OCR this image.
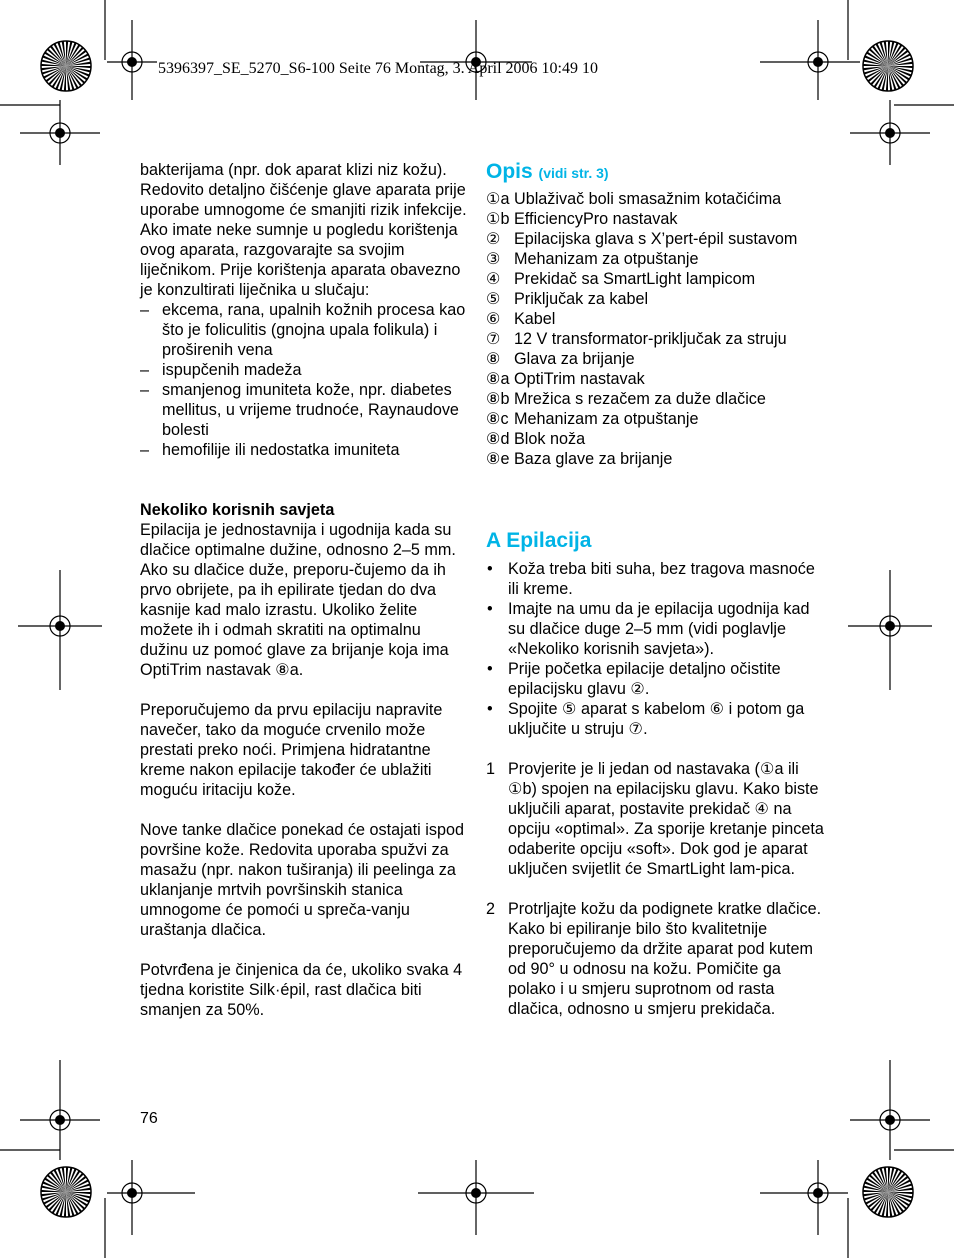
5396397_SE_5270_S6-100 Seite 76 Montag, 3. April 2006 10:49 10

bakterijama (npr. dok aparat klizi niz kožu). Redovito detaljno čišćenje glave aparata prije uporabe umnogome će smanjiti rizik infekcije.

Ako imate neke sumnje u pogledu korištenja ovog aparata, razgovarajte sa svojim liječnikom. Prije korištenja aparata obavezno je konzultirati liječnika u slučaju:

– ekcema, rana, upalnih kožnih procesa kao što je foliculitis (gnojna upala folikula) i proširenih vena
– ispupčenih madeža
– smanjenog imuniteta kože, npr. diabetes mellitus, u vrijeme trudnoće, Raynaudove bolesti
– hemofilije ili nedostatka imuniteta

Nekoliko korisnih savjeta

Epilacija je jednostavnija i ugodnija kada su dlačice optimalne dužine, odnosno 2–5 mm. Ako su dlačice duže, preporu-čujemo da ih prvo obrijete, pa ih epilirate tjedan do dva kasnije kad malo izrastu. Ukoliko želite možete ih i odmah skratiti na optimalnu dužinu uz pomoć glave za brijanje koja ima OptiTrim nastavak ⑧a.

Preporučujemo da prvu epilaciju napravite navečer, tako da moguće crvenilo može prestati preko noći. Primjena hidratantne kreme nakon epilacije također će ublažiti moguću iritaciju kože.

Nove tanke dlačice ponekad će ostajati ispod površine kože. Redovita uporaba spužvi za masažu (npr. nakon tuširanja) ili peelinga za uklanjanje mrtvih površinskih stanica umnogome će pomoći u spreča-vanju uraštanja dlačica.

Potvrđena je činjenica da će, ukoliko svaka 4 tjedna koristite Silk·épil, rast dlačica biti smanjen za 50%.

Opis (vidi str. 3)
①a Ublaživač boli smasažnim kotačićima
①b EfficiencyPro nastavak
② Epilacijska glava s X’pert-épil sustavom
③ Mehanizam za otpuštanje
④ Prekidač sa SmartLight lampicom
⑤ Priključak za kabel
⑥ Kabel
⑦ 12 V transformator-priključak za struju
⑧ Glava za brijanje
⑧a OptiTrim nastavak
⑧b Mrežica s rezačem za duže dlačice
⑧c Mehanizam za otpuštanje
⑧d Blok noža
⑧e Baza glave za brijanje
A Epilacija
• Koža treba biti suha, bez tragova masnoće ili kreme.
• Imajte na umu da je epilacija ugodnija kad su dlačice duge 2–5 mm (vidi poglavlje «Nekoliko korisnih savjeta»).
• Prije početka epilacije detaljno očistite epilacijsku glavu ②.
• Spojite ⑤ aparat s kabelom ⑥ i potom ga uključite u struju ⑦.
1 Provjerite je li jedan od nastavaka (①a ili ①b) spojen na epilacijsku glavu. Kako biste uključili aparat, postavite prekidač ④ na opciju «optimal». Za sporije kretanje pinceta odaberite opciju «soft». Dok god je aparat uključen svijetlit će SmartLight lam-pica.
2 Protrljajte kožu da podignete kratke dlačice. Kako bi epiliranje bilo što kvalitetnije preporučujemo da držite aparat pod kutem od 90° u odnosu na kožu. Pomičite ga polako i u smjeru suprotnom od rasta dlačica, odnosno u smjeru prekidača.
76
